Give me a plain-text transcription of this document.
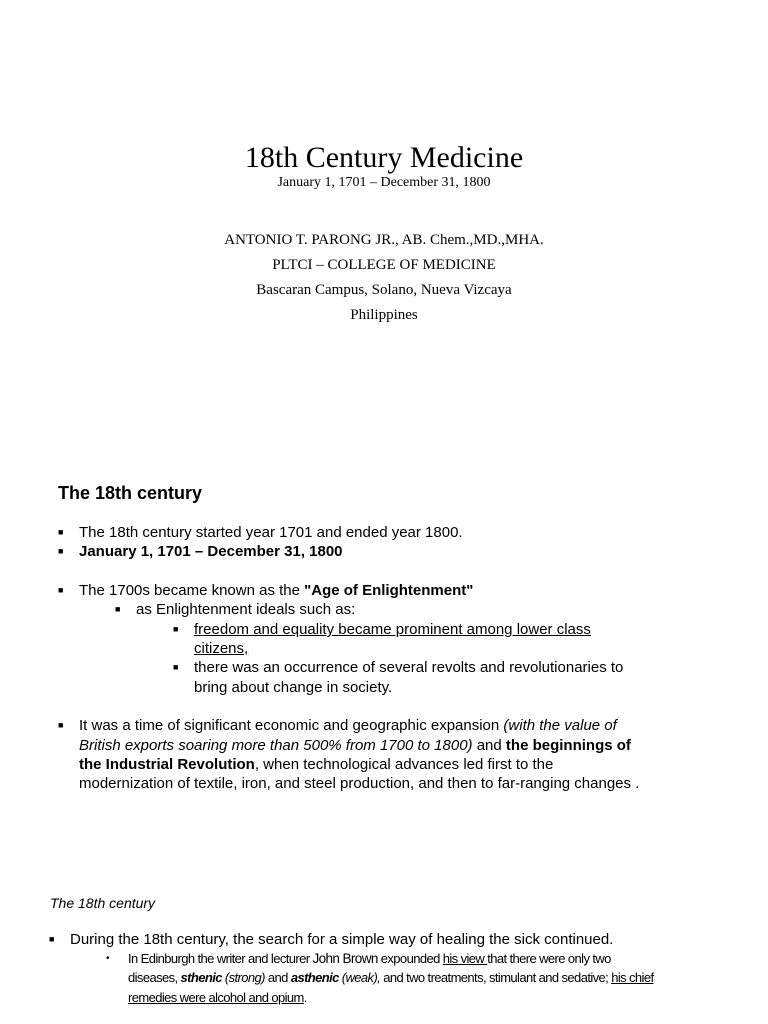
18th Century Medicine
January 1, 1701 – December 31, 1800
ANTONIO T. PARONG JR., AB. Chem.,MD.,MHA.
PLTCI – COLLEGE OF MEDICINE
Bascaran Campus, Solano, Nueva Vizcaya
Philippines
The 18th century
■ The 18th century started year 1701 and ended year 1800.
■ January 1, 1701 – December 31, 1800
■ The 1700s became known as the "Age of Enlightenment"
■ as Enlightenment ideals such as:
■ freedom and equality became prominent among lower class
citizens,
■ there was an occurrence of several revolts and revolutionaries to
bring about change in society.
■ It was a time of significant economic and geographic expansion (with the value of
British exports soaring more than 500% from 1700 to 1800) and the beginnings of
the Industrial Revolution, when technological advances led first to the
modernization of textile, iron, and steel production, and then to far-ranging changes .
The 18th century
■ During the 18th century, the search for a simple way of healing the sick continued.
• In Edinburgh the writer and lecturer John Brown expounded his view that there were only two
diseases, sthenic (strong) and asthenic (weak), and two treatments, stimulant and sedative; his chief
remedies were alcohol and opium.
